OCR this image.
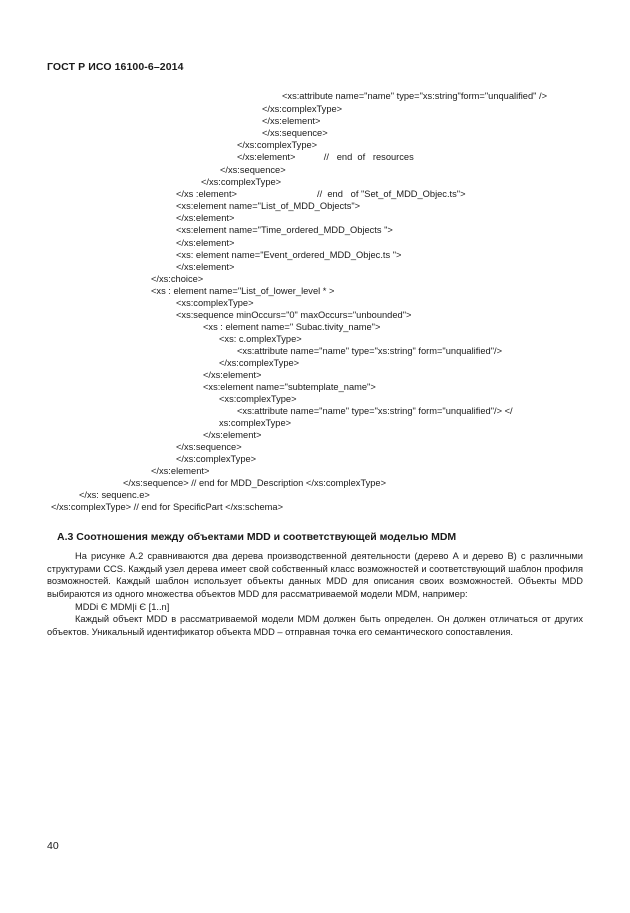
ГОСТ Р ИСО 16100-6–2014
<xs:attribute name="name" type="xs:string"form="unqualified" />
</xs:complexType>
</xs:element>
</xs:sequence>
</xs:complexType>
</xs:element>           //   end  of   resources
</xs:sequence>
</xs:complexType>
</xs :element>                               //  end   of "Set_of_MDD_Objec.ts">
<xs:element name="List_of_MDD_Objects">
</xs:element>
<xs:element name="Time_ordered_MDD_Objects ">
</xs:element>
<xs: element name="Event_ordered_MDD_Objec.ts ">
</xs:element>
</xs:choice>
<xs : element name="List_of_lower_level * >
<xs:complexType>
<xs:sequence minOccurs="0" maxOccurs="unbounded">
<xs : element name=" Subac.tivity_name">
<xs: c.omplexType>
<xs:attribute name="name" type="xs:string" form="unqualified"/>
</xs:complexType>
</xs:element>
<xs:element name="subtemplate_name">
<xs:complexType>
<xs:attribute name="name" type="xs:string" form="unqualified"/> </
xs:complexType>
</xs:element>
</xs:sequence>
</xs:complexType>
</xs:element>
</xs:sequence> // end for MDD_Description </xs:complexType>
</xs: sequenc.e>
</xs:complexType> // end for SpecificPart </xs:schema>
А.3 Соотношения между объектами MDD и соответствующей моделью MDM

На рисунке А.2 сравниваются два дерева производственной деятельности (дерево А и дерево В) с различными структурами CCS. Каждый узел дерева имеет свой собственный класс возможностей и соответствующий шаблон профиля возможностей. Каждый шаблон использует объекты данных MDD для описания своих возможностей. Объекты MDD выбираются из одного множества объектов MDD для рассматриваемой модели MDM, например:

MDDi Є MDM|i Є [1..n]

Каждый объект MDD в рассматриваемой модели MDM должен быть определен. Он должен отличаться от других объектов. Уникальный идентификатор объекта MDD – отправная точка его семантического сопоставления.

40
